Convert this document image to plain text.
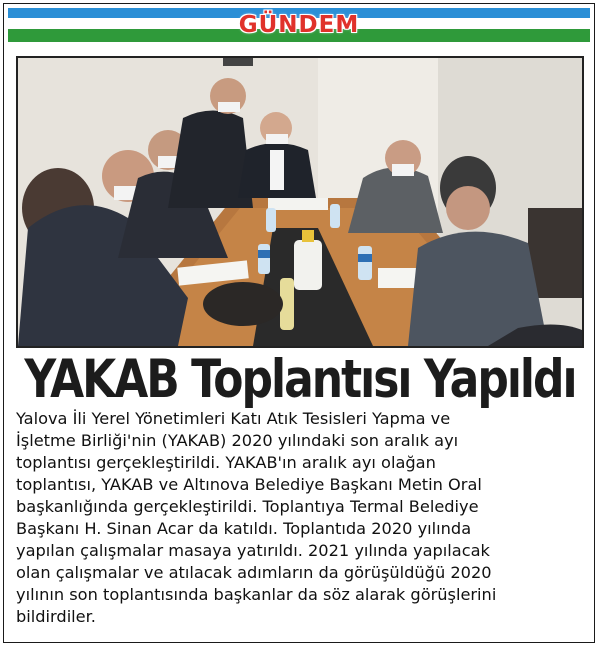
GÜNDEM
YAKAB Toplantısı Yapıldı
Yalova İli Yerel Yönetimleri Katı Atık Tesisleri Yapma ve
İşletme Birliği'nin (YAKAB) 2020 yılındaki son aralık ayı
toplantısı gerçekleştirildi. YAKAB'ın aralık ayı olağan
toplantısı, YAKAB ve Altınova Belediye Başkanı Metin Oral
başkanlığında gerçekleştirildi. Toplantıya Termal Belediye
Başkanı H. Sinan Acar da katıldı. Toplantıda 2020 yılında
yapılan çalışmalar masaya yatırıldı. 2021 yılında yapılacak
olan çalışmalar ve atılacak adımların da görüşüldüğü 2020
yılının son toplantısında başkanlar da söz alarak görüşlerini
bildirdiler.
